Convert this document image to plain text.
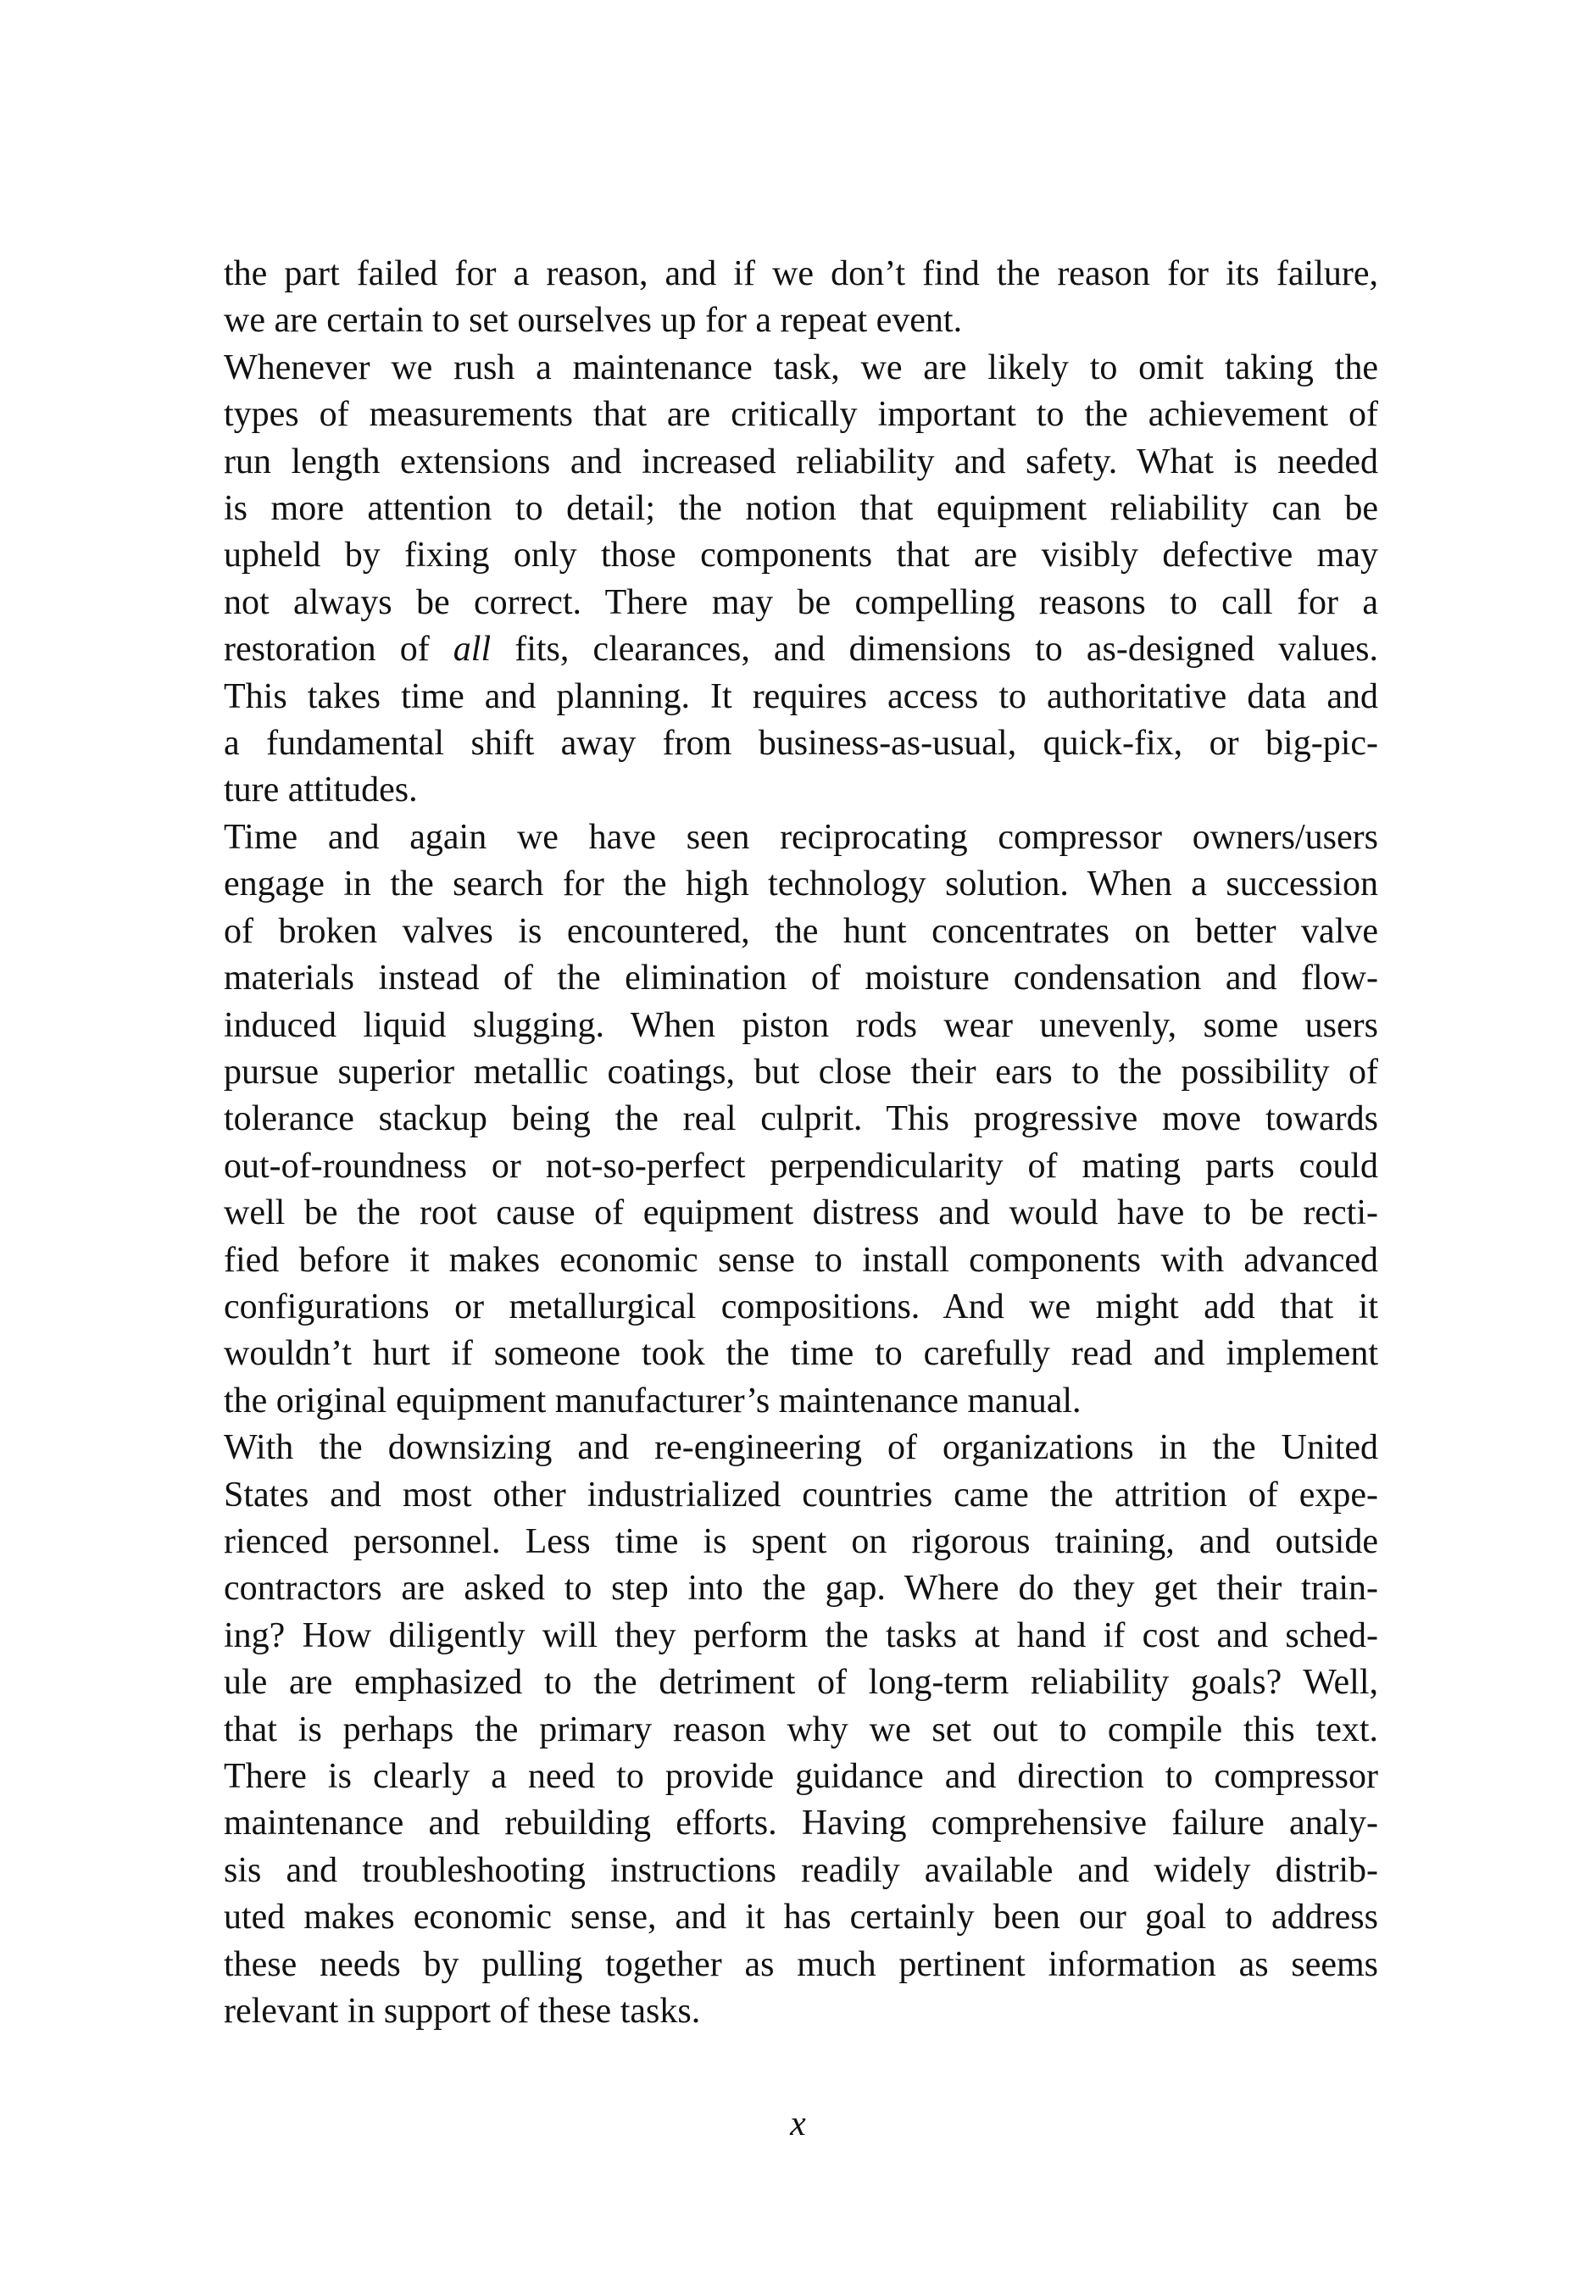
the part failed for a reason, and if we don’t find the reason for its failure,
we are certain to set ourselves up for a repeat event.

Whenever we rush a maintenance task, we are likely to omit taking the
types of measurements that are critically important to the achievement of
run length extensions and increased reliability and safety. What is needed
is more attention to detail; the notion that equipment reliability can be
upheld by fixing only those components that are visibly defective may
not always be correct. There may be compelling reasons to call for a
restoration of all fits, clearances, and dimensions to as-designed values.
This takes time and planning. It requires access to authoritative data and
a fundamental shift away from business-as-usual, quick-fix, or big-pic-
ture attitudes.

Time and again we have seen reciprocating compressor owners/users
engage in the search for the high technology solution. When a succession
of broken valves is encountered, the hunt concentrates on better valve
materials instead of the elimination of moisture condensation and flow-
induced liquid slugging. When piston rods wear unevenly, some users
pursue superior metallic coatings, but close their ears to the possibility of
tolerance stackup being the real culprit. This progressive move towards
out-of-roundness or not-so-perfect perpendicularity of mating parts could
well be the root cause of equipment distress and would have to be recti-
fied before it makes economic sense to install components with advanced
configurations or metallurgical compositions. And we might add that it
wouldn’t hurt if someone took the time to carefully read and implement
the original equipment manufacturer’s maintenance manual.

With the downsizing and re-engineering of organizations in the United
States and most other industrialized countries came the attrition of expe-
rienced personnel. Less time is spent on rigorous training, and outside
contractors are asked to step into the gap. Where do they get their train-
ing? How diligently will they perform the tasks at hand if cost and sched-
ule are emphasized to the detriment of long-term reliability goals? Well,
that is perhaps the primary reason why we set out to compile this text.
There is clearly a need to provide guidance and direction to compressor
maintenance and rebuilding efforts. Having comprehensive failure analy-
sis and troubleshooting instructions readily available and widely distrib-
uted makes economic sense, and it has certainly been our goal to address
these needs by pulling together as much pertinent information as seems
relevant in support of these tasks.

x
